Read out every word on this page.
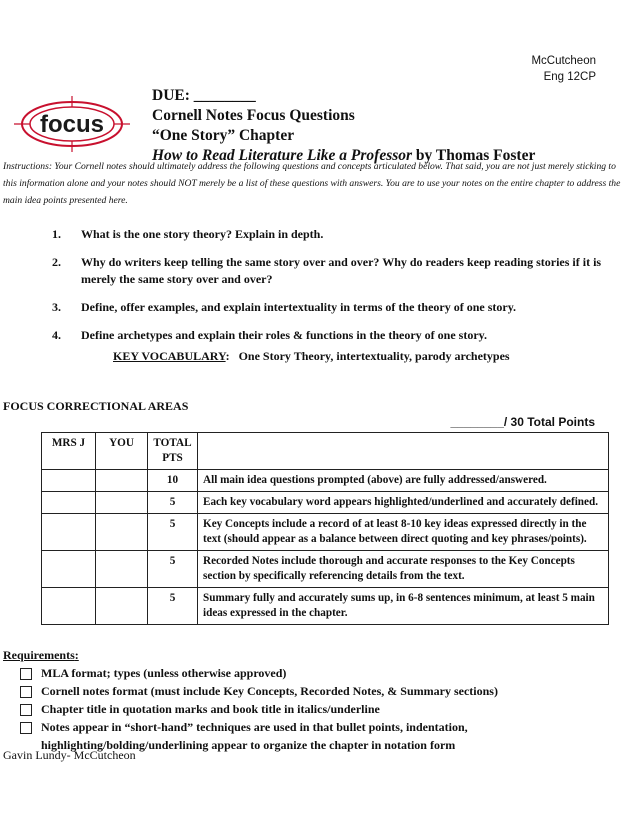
McCutcheon
Eng 12CP
focus
DUE: ________
Cornell Notes Focus Questions
“One Story” Chapter
How to Read Literature Like a Professor by Thomas Foster
Instructions: Your Cornell notes should ultimately address the following questions and concepts articulated below. That said, you are not just merely sticking to this information alone and your notes should NOT merely be a list of these questions with answers. You are to use your notes on the entire chapter to address the main idea points presented here.
1.	What is the one story theory? Explain in depth.
2.	Why do writers keep telling the same story over and over? Why do readers keep reading stories if it is merely the same story over and over?
3.	Define, offer examples, and explain intertextuality in terms of the theory of one story.
4.	Define archetypes and explain their roles & functions in the theory of one story.
KEY VOCABULARY: One Story Theory, intertextuality, parody archetypes
FOCUS CORRECTIONAL AREAS
________/ 30 Total Points
MRS J	YOU	TOTAL PTS	
		10	All main idea questions prompted (above) are fully addressed/answered.
		5	Each key vocabulary word appears highlighted/underlined and accurately defined.
		5	Key Concepts include a record of at least 8-10 key ideas expressed directly in the text (should appear as a balance between direct quoting and key phrases/points).
		5	Recorded Notes include thorough and accurate responses to the Key Concepts section by specifically referencing details from the text.
		5	Summary fully and accurately sums up, in 6-8 sentences minimum, at least 5 main ideas expressed in the chapter.
Requirements:
MLA format; types (unless otherwise approved)
Cornell notes format (must include Key Concepts, Recorded Notes, & Summary sections)
Chapter title in quotation marks and book title in italics/underline
Notes appear in “short-hand” techniques are used in that bullet points, indentation, highlighting/bolding/underlining appear to organize the chapter in notation form
Gavin Lundy- McCutcheon
